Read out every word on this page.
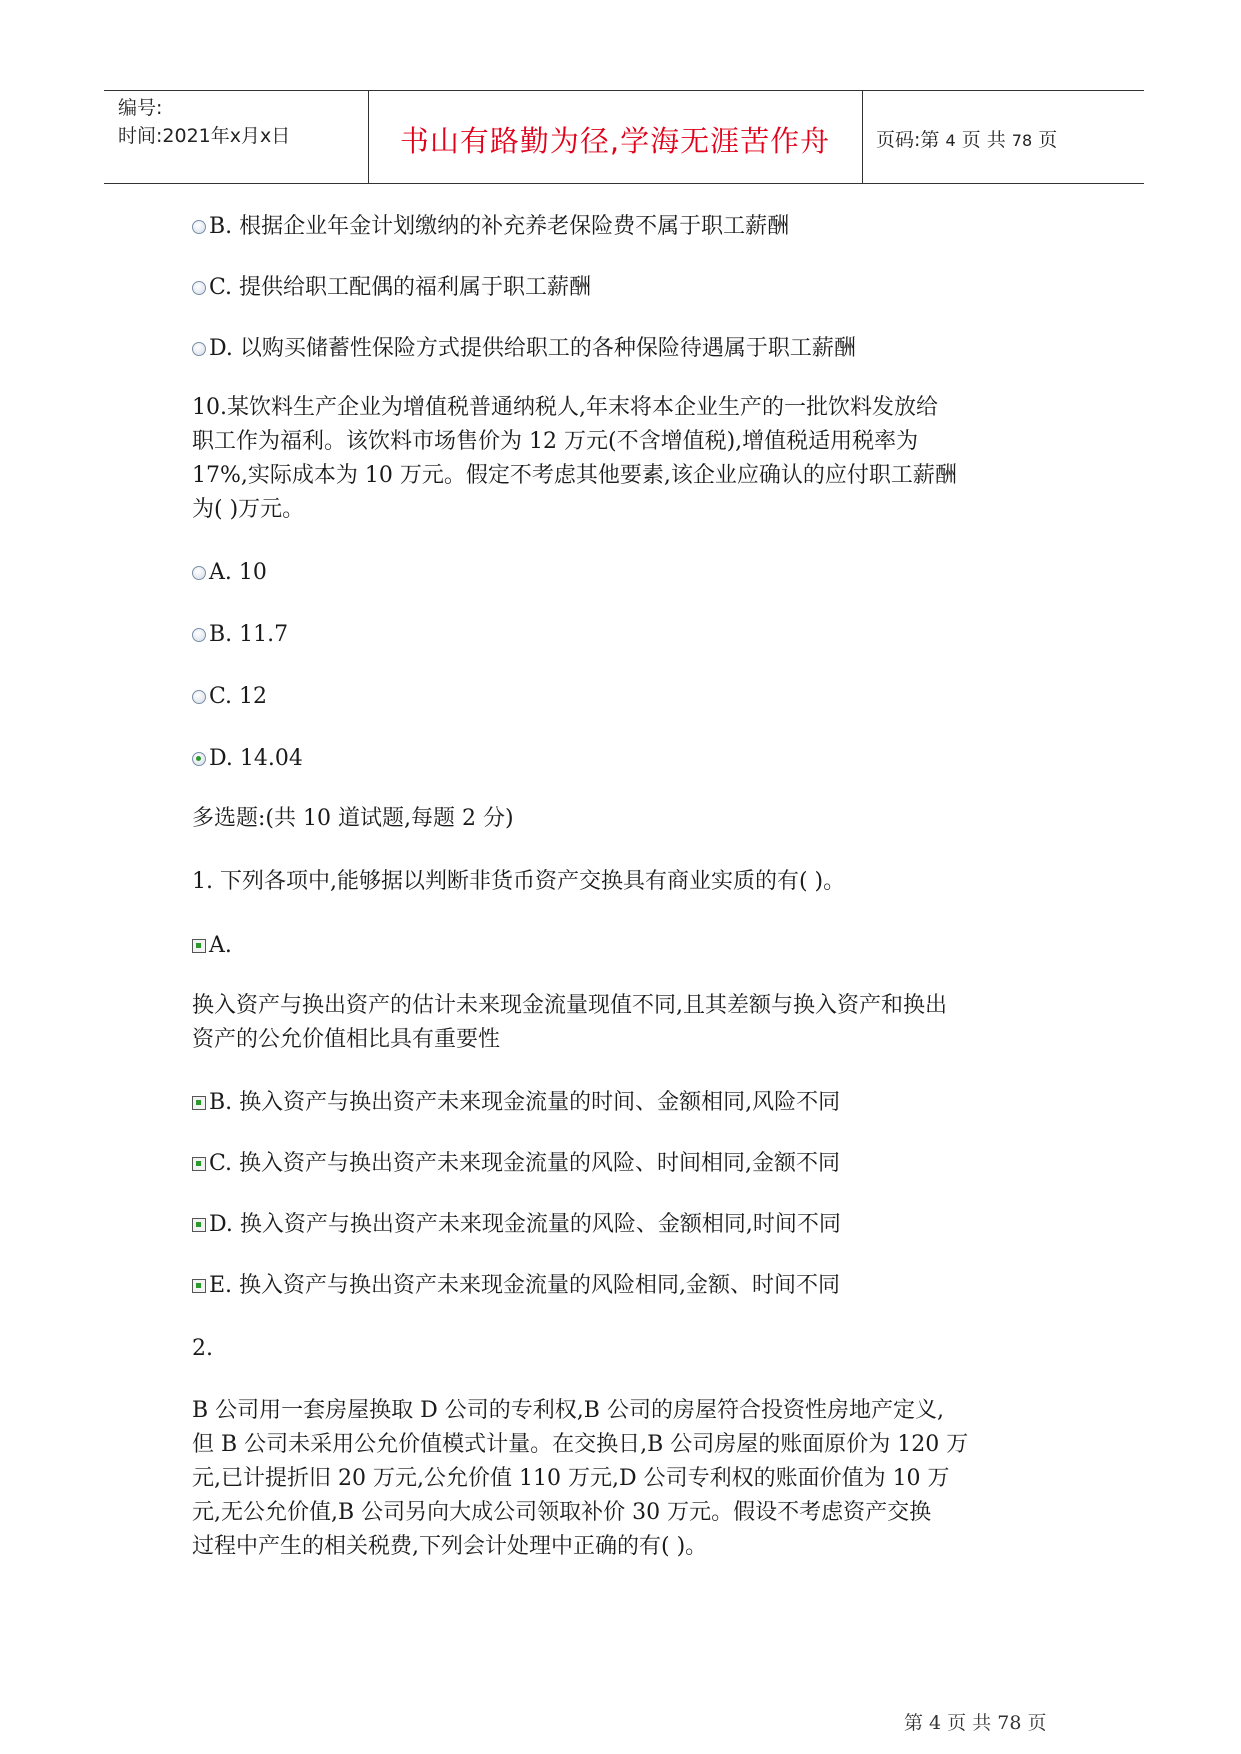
编号:
时间:2021年x月x日	书山有路勤为径,学海无涯苦作舟	页码:第 4 页 共 78 页
B. 根据企业年金计划缴纳的补充养老保险费不属于职工薪酬
C. 提供给职工配偶的福利属于职工薪酬
D. 以购买储蓄性保险方式提供给职工的各种保险待遇属于职工薪酬
10.某饮料生产企业为增值税普通纳税人,年末将本企业生产的一批饮料发放给
职工作为福利。该饮料市场售价为 12 万元(不含增值税),增值税适用税率为
17%,实际成本为 10 万元。假定不考虑其他要素,该企业应确认的应付职工薪酬
为( )万元。
A. 10
B. 11.7
C. 12
D. 14.04
多选题:(共 10 道试题,每题 2 分)
1. 下列各项中,能够据以判断非货币资产交换具有商业实质的有( )。
A.
换入资产与换出资产的估计未来现金流量现值不同,且其差额与换入资产和换出
资产的公允价值相比具有重要性
B. 换入资产与换出资产未来现金流量的时间、金额相同,风险不同
C. 换入资产与换出资产未来现金流量的风险、时间相同,金额不同
D. 换入资产与换出资产未来现金流量的风险、金额相同,时间不同
E. 换入资产与换出资产未来现金流量的风险相同,金额、时间不同
2.
B 公司用一套房屋换取 D 公司的专利权,B 公司的房屋符合投资性房地产定义,
但 B 公司未采用公允价值模式计量。在交换日,B 公司房屋的账面原价为 120 万
元,已计提折旧 20 万元,公允价值 110 万元,D 公司专利权的账面价值为 10 万
元,无公允价值,B 公司另向大成公司领取补价 30 万元。假设不考虑资产交换
过程中产生的相关税费,下列会计处理中正确的有( )。
第 4 页 共 78 页
